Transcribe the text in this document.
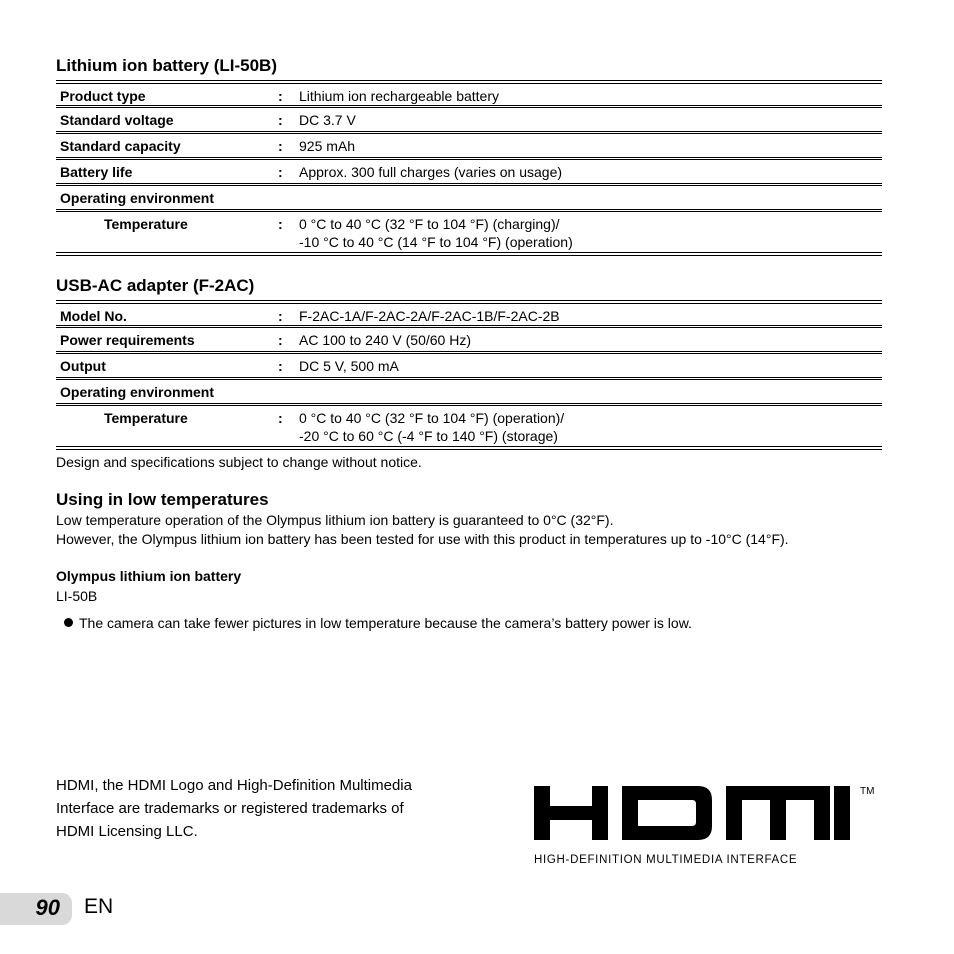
Lithium ion battery (LI-50B)
Product type	: Lithium ion rechargeable battery
Standard voltage	: DC 3.7 V
Standard capacity	: 925 mAh
Battery life	: Approx. 300 full charges (varies on usage)
Operating environment
Temperature	: 0 °C to 40 °C (32 °F to 104 °F) (charging)/
-10 °C to 40 °C (14 °F to 104 °F) (operation)
USB-AC adapter (F-2AC)
Model No.	: F-2AC-1A/F-2AC-2A/F-2AC-1B/F-2AC-2B
Power requirements	: AC 100 to 240 V (50/60 Hz)
Output	: DC 5 V, 500 mA
Operating environment
Temperature	: 0 °C to 40 °C (32 °F to 104 °F) (operation)/
-20 °C to 60 °C (-4 °F to 140 °F) (storage)
Design and specifications subject to change without notice.
Using in low temperatures
Low temperature operation of the Olympus lithium ion battery is guaranteed to 0°C (32°F).
However, the Olympus lithium ion battery has been tested for use with this product in temperatures up to -10°C (14°F).
Olympus lithium ion battery
LI-50B
The camera can take fewer pictures in low temperature because the camera’s battery power is low.
HDMI, the HDMI Logo and High-Definition Multimedia
Interface are trademarks or registered trademarks of
HDMI Licensing LLC.
TM
HIGH-DEFINITION MULTIMEDIA INTERFACE
90 EN
